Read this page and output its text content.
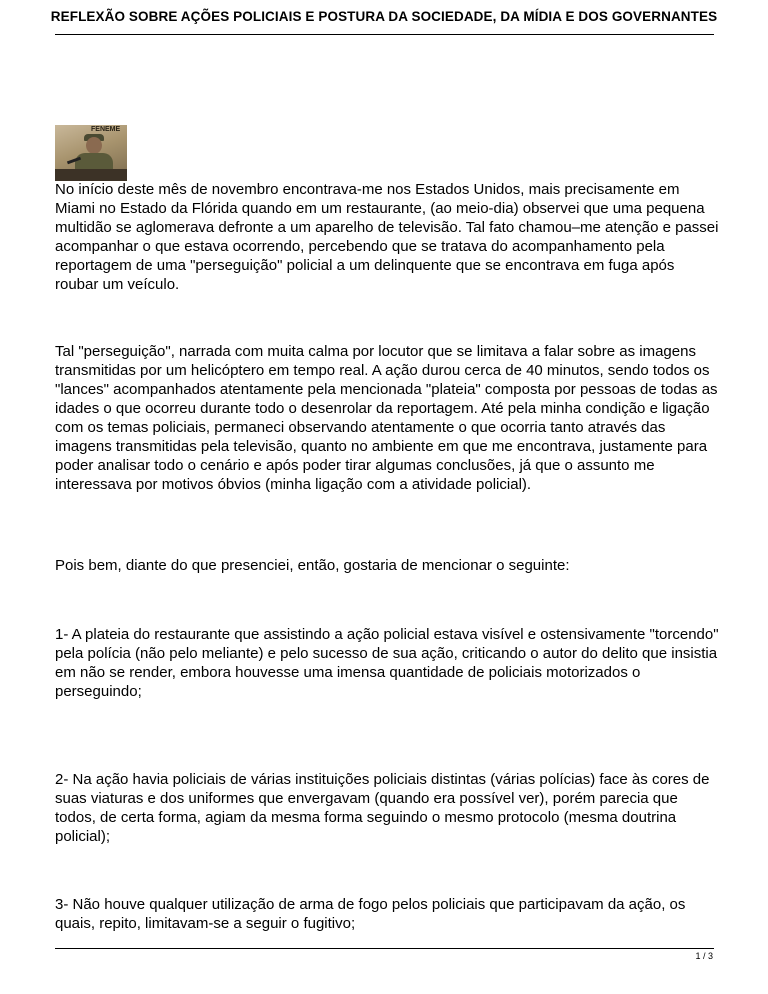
REFLEXÃO SOBRE AÇÕES POLICIAIS E POSTURA DA SOCIEDADE, DA MÍDIA E DOS GOVERNANTES
FENEME

No início deste mês de novembro encontrava-me nos Estados Unidos, mais precisamente em Miami no Estado da Flórida quando em um restaurante, (ao meio-dia) observei que uma pequena multidão se aglomerava defronte a um aparelho de televisão. Tal fato chamou–me atenção e passei acompanhar o que estava ocorrendo, percebendo que se tratava do acompanhamento pela reportagem de uma "perseguição" policial a um delinquente que se encontrava em fuga após roubar um veículo.

Tal "perseguição", narrada com muita calma por locutor que se limitava a falar sobre as imagens transmitidas por um helicóptero em tempo real. A ação durou cerca de 40 minutos, sendo todos os "lances" acompanhados atentamente pela mencionada "plateia" composta por pessoas de todas as idades o que ocorreu durante todo o desenrolar da reportagem. Até pela minha condição e ligação com os temas policiais, permaneci observando atentamente o que ocorria tanto através das imagens transmitidas pela televisão, quanto no ambiente em que me encontrava, justamente para poder analisar todo o cenário e após poder tirar algumas conclusões, já que o assunto me interessava por motivos óbvios (minha ligação com a atividade policial).

Pois bem, diante do que presenciei, então, gostaria de mencionar o seguinte:

1- A plateia do restaurante que assistindo a ação policial estava visível e ostensivamente "torcendo" pela polícia (não pelo meliante) e pelo sucesso de sua ação, criticando o autor do delito que insistia em não se render, embora houvesse uma imensa quantidade de policiais motorizados o perseguindo;

2- Na ação havia policiais de várias instituições policiais distintas (várias polícias) face às cores de suas viaturas e dos uniformes que envergavam (quando era possível ver), porém parecia que todos, de certa forma, agiam da mesma forma seguindo o mesmo protocolo (mesma doutrina policial);

3- Não houve qualquer utilização de arma de fogo pelos policiais que participavam da ação, os quais, repito, limitavam-se a seguir o fugitivo;

1 / 3
